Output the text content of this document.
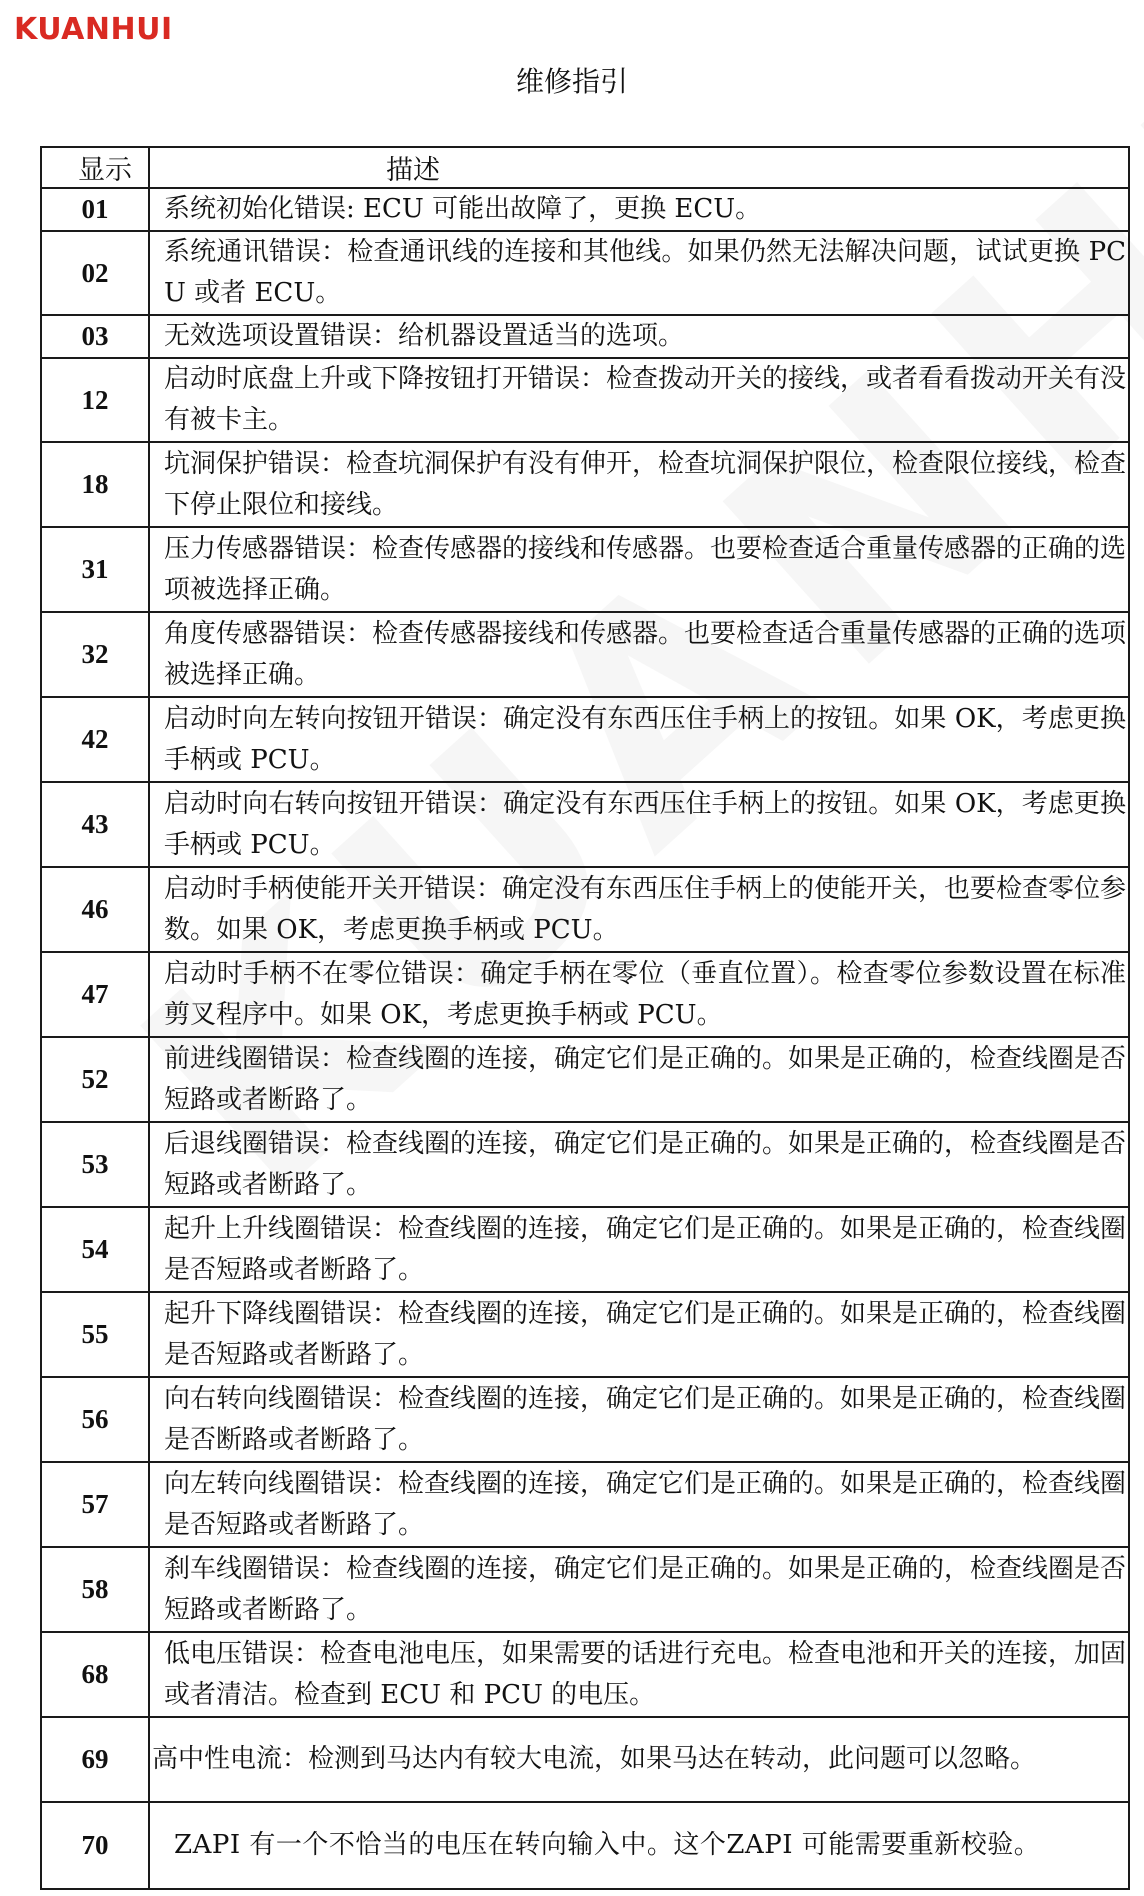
KUANHUI
维修指引
显示	描述
01	系统初始化错误: ECU 可能出故障了，更换 ECU。
02	系统通讯错误：检查通讯线的连接和其他线。如果仍然无法解决问题，试试更换 PCU 或者 ECU。
03	无效选项设置错误：给机器设置适当的选项。
12	启动时底盘上升或下降按钮打开错误：检查拨动开关的接线，或者看看拨动开关有没有被卡主。
18	坑洞保护错误：检查坑洞保护有没有伸开，检查坑洞保护限位，检查限位接线，检查下停止限位和接线。
31	压力传感器错误：检查传感器的接线和传感器。也要检查适合重量传感器的正确的选项被选择正确。
32	角度传感器错误：检查传感器接线和传感器。也要检查适合重量传感器的正确的选项被选择正确。
42	启动时向左转向按钮开错误：确定没有东西压住手柄上的按钮。如果 OK，考虑更换手柄或 PCU。
43	启动时向右转向按钮开错误：确定没有东西压住手柄上的按钮。如果 OK，考虑更换手柄或 PCU。
46	启动时手柄使能开关开错误：确定没有东西压住手柄上的使能开关，也要检查零位参数。如果 OK，考虑更换手柄或 PCU。
47	启动时手柄不在零位错误：确定手柄在零位（垂直位置）。检查零位参数设置在标准剪叉程序中。如果 OK，考虑更换手柄或 PCU。
52	前进线圈错误：检查线圈的连接，确定它们是正确的。如果是正确的，检查线圈是否短路或者断路了。
53	后退线圈错误：检查线圈的连接，确定它们是正确的。如果是正确的，检查线圈是否短路或者断路了。
54	起升上升线圈错误：检查线圈的连接，确定它们是正确的。如果是正确的，检查线圈是否短路或者断路了。
55	起升下降线圈错误：检查线圈的连接，确定它们是正确的。如果是正确的，检查线圈是否短路或者断路了。
56	向右转向线圈错误：检查线圈的连接，确定它们是正确的。如果是正确的，检查线圈是否断路或者断路了。
57	向左转向线圈错误：检查线圈的连接，确定它们是正确的。如果是正确的，检查线圈是否短路或者断路了。
58	刹车线圈错误：检查线圈的连接，确定它们是正确的。如果是正确的，检查线圈是否短路或者断路了。
68	低电压错误：检查电池电压，如果需要的话进行充电。检查电池和开关的连接，加固或者清洁。检查到 ECU 和 PCU 的电压。
69	高中性电流：检测到马达内有较大电流，如果马达在转动，此问题可以忽略。
70	ZAPI 有一个不恰当的电压在转向输入中。这个ZAPI 可能需要重新校验。
